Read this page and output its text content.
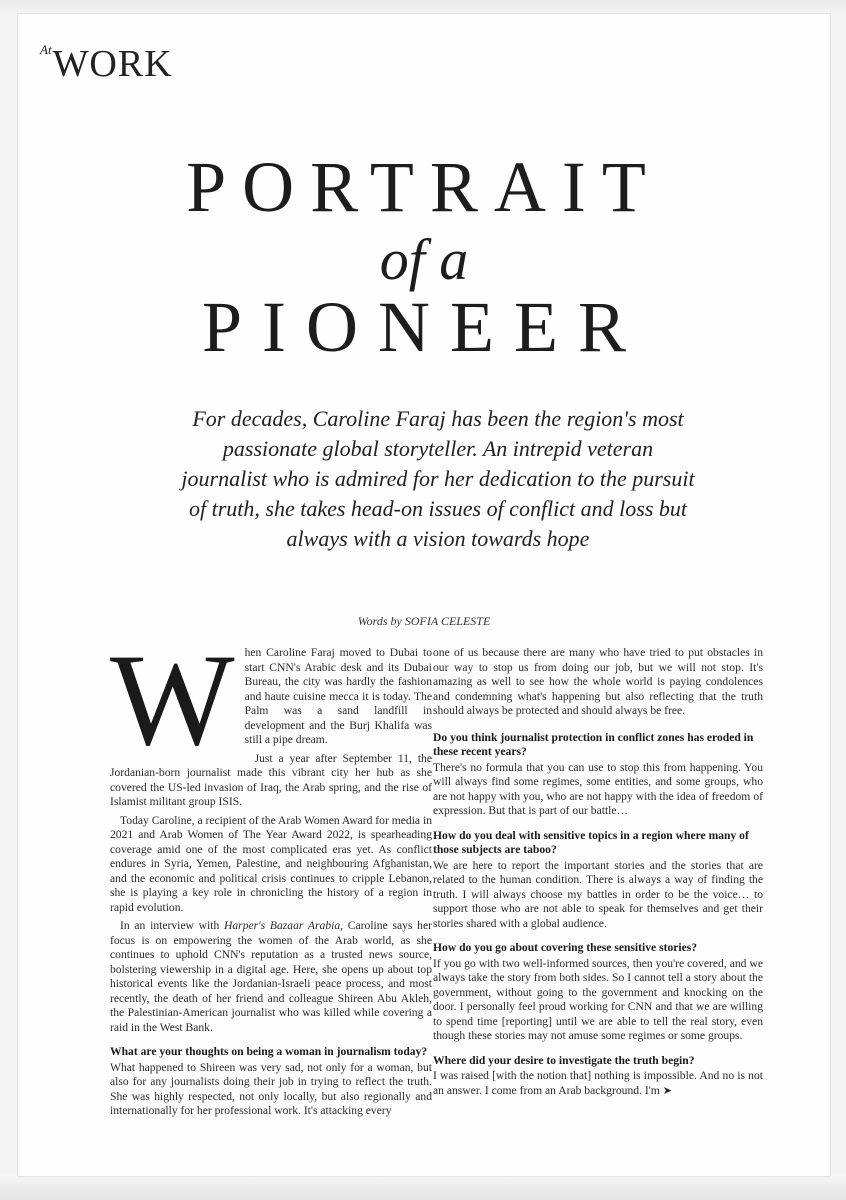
$^{At}$WORK
PORTRAIT
of a
PIONEER
For decades, Caroline Faraj has been the region's most passionate global storyteller. An intrepid veteran journalist who is admired for her dedication to the pursuit of truth, she takes head-on issues of conflict and loss but always with a vision towards hope
Words by SOFIA CELESTE
W hen Caroline Faraj moved to Dubai to start CNN's Arabic desk and its Dubai Bureau, the city was hardly the fashion and haute cuisine mecca it is today. The Palm was a sand landfill in development and the Burj Khalifa was still a pipe dream.

Just a year after September 11, the Jordanian-born journalist made this vibrant city her hub as she covered the US-led invasion of Iraq, the Arab spring, and the rise of Islamist militant group ISIS.

Today Caroline, a recipient of the Arab Women Award for media in 2021 and Arab Women of The Year Award 2022, is spearheading coverage amid one of the most complicated eras yet. As conflict endures in Syria, Yemen, Palestine, and neighbouring Afghanistan, and the economic and political crisis continues to cripple Lebanon, she is playing a key role in chronicling the history of a region in rapid evolution.

In an interview with Harper's Bazaar Arabia, Caroline says her focus is on empowering the women of the Arab world, as she continues to uphold CNN's reputation as a trusted news source, bolstering viewership in a digital age. Here, she opens up about top historical events like the Jordanian-Israeli peace process, and most recently, the death of her friend and colleague Shireen Abu Akleh, the Palestinian-American journalist who was killed while covering a raid in the West Bank.

What are your thoughts on being a woman in journalism today?

What happened to Shireen was very sad, not only for a woman, but also for any journalists doing their job in trying to reflect the truth. She was highly respected, not only locally, but also regionally and internationally for her professional work. It's attacking every

one of us because there are many who have tried to put obstacles in our way to stop us from doing our job, but we will not stop. It's amazing as well to see how the whole world is paying condolences and condemning what's happening but also reflecting that the truth should always be protected and should always be free.

Do you think journalist protection in conflict zones has eroded in these recent years?

There's no formula that you can use to stop this from happening. You will always find some regimes, some entities, and some groups, who are not happy with you, who are not happy with the idea of freedom of expression. But that is part of our battle…

How do you deal with sensitive topics in a region where many of those subjects are taboo?

We are here to report the important stories and the stories that are related to the human condition. There is always a way of finding the truth. I will always choose my battles in order to be the voice… to support those who are not able to speak for themselves and get their stories shared with a global audience.

How do you go about covering these sensitive stories?

If you go with two well-informed sources, then you're covered, and we always take the story from both sides. So I cannot tell a story about the government, without going to the government and knocking on the door. I personally feel proud working for CNN and that we are willing to spend time [reporting] until we are able to tell the real story, even though these stories may not amuse some regimes or some groups.

Where did your desire to investigate the truth begin?

I was raised [with the notion that] nothing is impossible. And no is not an answer. I come from an Arab background. I'm ➤
